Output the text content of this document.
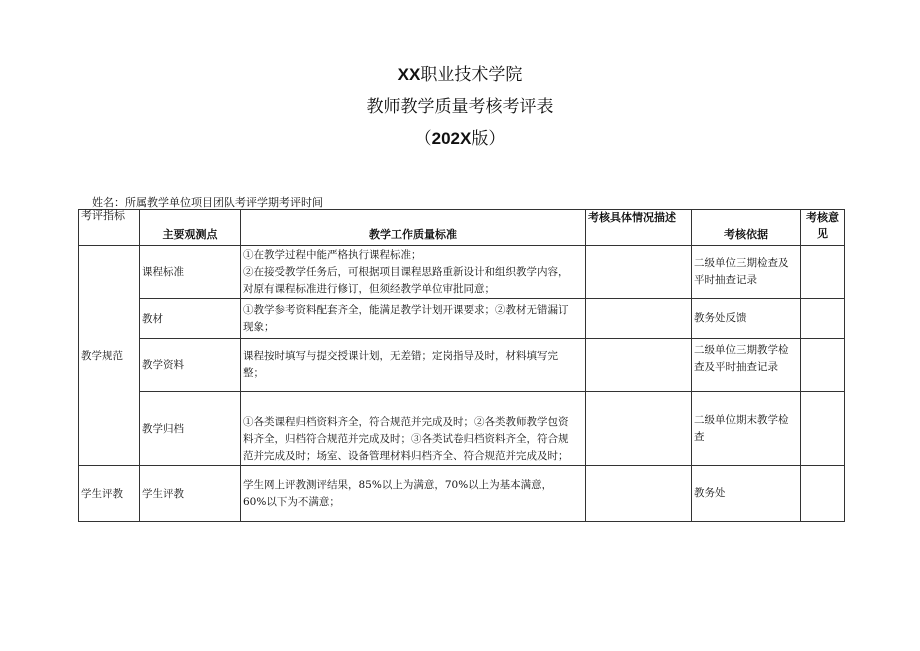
XX职业技术学院
教师教学质量考核考评表
（202X版）
姓名：所属教学单位项目团队考评学期考评时间
考评指标	主要观测点	教学工作质量标准	考核具体情况描述	考核依据	考核意见
教学规范	课程标准	①在教学过程中能严格执行课程标准；
②在接受教学任务后，可根据项目课程思路重新设计和组织教学内容，
对原有课程标准进行修订，但须经教学单位审批同意；		二级单位三期检查及平时抽查记录	
	教材	①教学参考资料配套齐全，能满足教学计划开课要求；②教材无错漏订
现象；		教务处反馈	
	教学资料	课程按时填写与提交授课计划，无差错；定岗指导及时，材料填写完
整；		二级单位三期教学检查及平时抽查记录	
	教学归档	①各类课程归档资料齐全，符合规范并完成及时；②各类教师教学包资
料齐全，归档符合规范并完成及时；③各类试卷归档资料齐全，符合规
范并完成及时；场室、设备管理材料归档齐全、符合规范并完成及时；		二级单位期末教学检查	
学生评教	学生评教	学生网上评教测评结果，85%以上为满意，70%以上为基本满意，
60%以下为不满意；		教务处	
